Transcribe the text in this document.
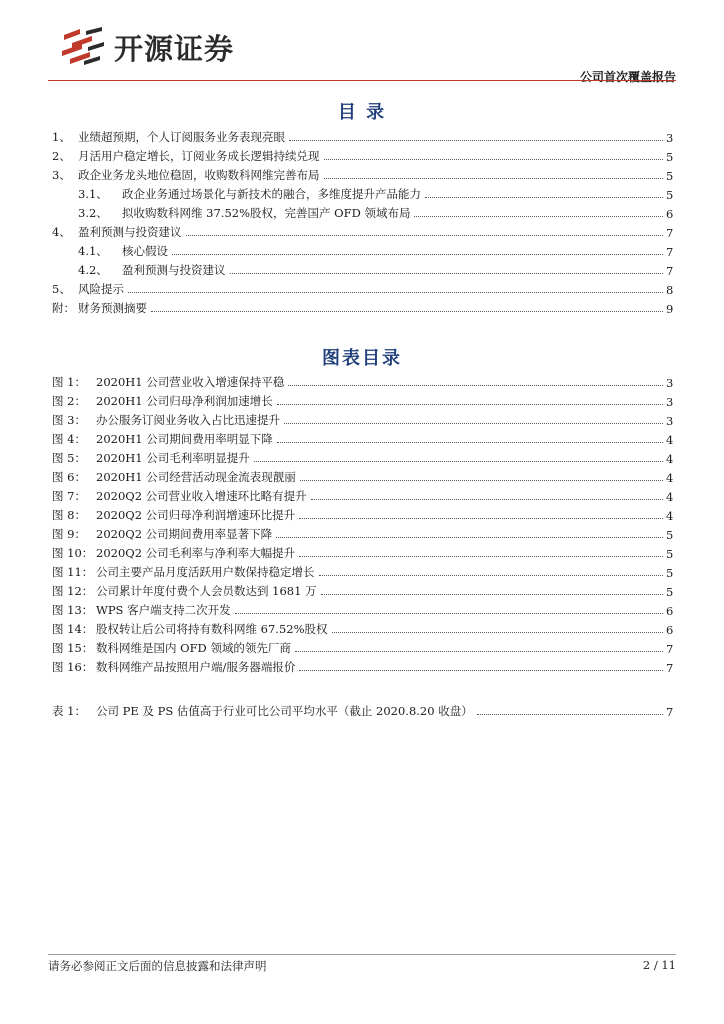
开源证券
公司首次覆盖报告
目 录
1、 业绩超预期，个人订阅服务业务表现亮眼	3
2、 月活用户稳定增长，订阅业务成长逻辑持续兑现	5
3、 政企业务龙头地位稳固，收购数科网维完善布局	5
3.1、	政企业务通过场景化与新技术的融合，多维度提升产品能力	5
3.2、	拟收购数科网维 37.52%股权，完善国产 OFD 领域布局	6
4、 盈利预测与投资建议	7
4.1、	核心假设	7
4.2、	盈利预测与投资建议	7
5、 风险提示	8
附： 财务预测摘要	9
图表目录
图 1： 2020H1 公司营业收入增速保持平稳	3
图 2： 2020H1 公司归母净利润加速增长	3
图 3： 办公服务订阅业务收入占比迅速提升	3
图 4： 2020H1 公司期间费用率明显下降	4
图 5： 2020H1 公司毛利率明显提升	4
图 6： 2020H1 公司经营活动现金流表现靓丽	4
图 7： 2020Q2 公司营业收入增速环比略有提升	4
图 8： 2020Q2 公司归母净利润增速环比提升	4
图 9： 2020Q2 公司期间费用率显著下降	5
图 10： 2020Q2 公司毛利率与净利率大幅提升	5
图 11： 公司主要产品月度活跃用户数保持稳定增长	5
图 12： 公司累计年度付费个人会员数达到 1681 万	5
图 13： WPS 客户端支持二次开发	6
图 14： 股权转让后公司将持有数科网维 67.52%股权	6
图 15： 数科网维是国内 OFD 领域的领先厂商	7
图 16： 数科网维产品按照用户端/服务器端报价	7
表 1： 公司 PE 及 PS 估值高于行业可比公司平均水平（截止 2020.8.20 收盘）	7
请务必参阅正文后面的信息披露和法律声明	2 / 11
